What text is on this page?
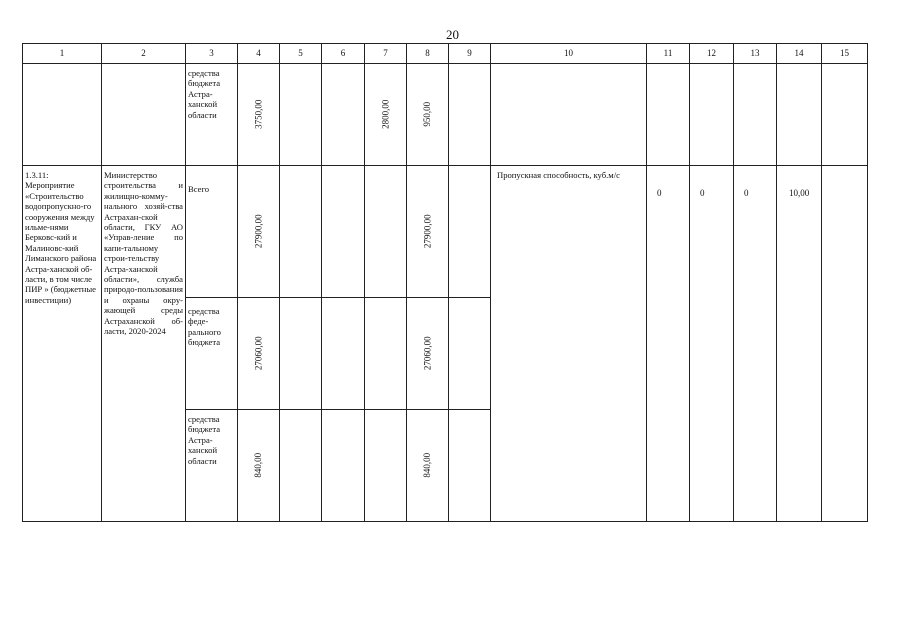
20
1	2	3	4	5	6	7	8	9	10	11	12	13	14	15

		средства бюджета Астра-ханской области	3750,00			2800,00	950,00							

1.3.11: Мероприятие «Строительство водопропускно-го сооружения между ильме-нями Берковс-кий и Малиновс-кий Лиманского района Астра-ханской об-ласти, в том числе ПИР » (бюджетные инвестиции)	Министерство строительства и жилищно-комму-нального хозяй-ства Астрахан-ской области, ГКУ АО «Управ-ление по капи-тальному строи-тельству Астра-ханской области», служба природо-пользования и охраны окру-жающей среды Астраханской об-ласти, 2020-2024	Всего	27900,00				27900,00		Пропускная способность, куб.м/с	0	0	0	10,00	

		средства феде-рального бюджета	27060,00				27060,00							

		средства бюджета Астра-ханской области	840,00				840,00							
